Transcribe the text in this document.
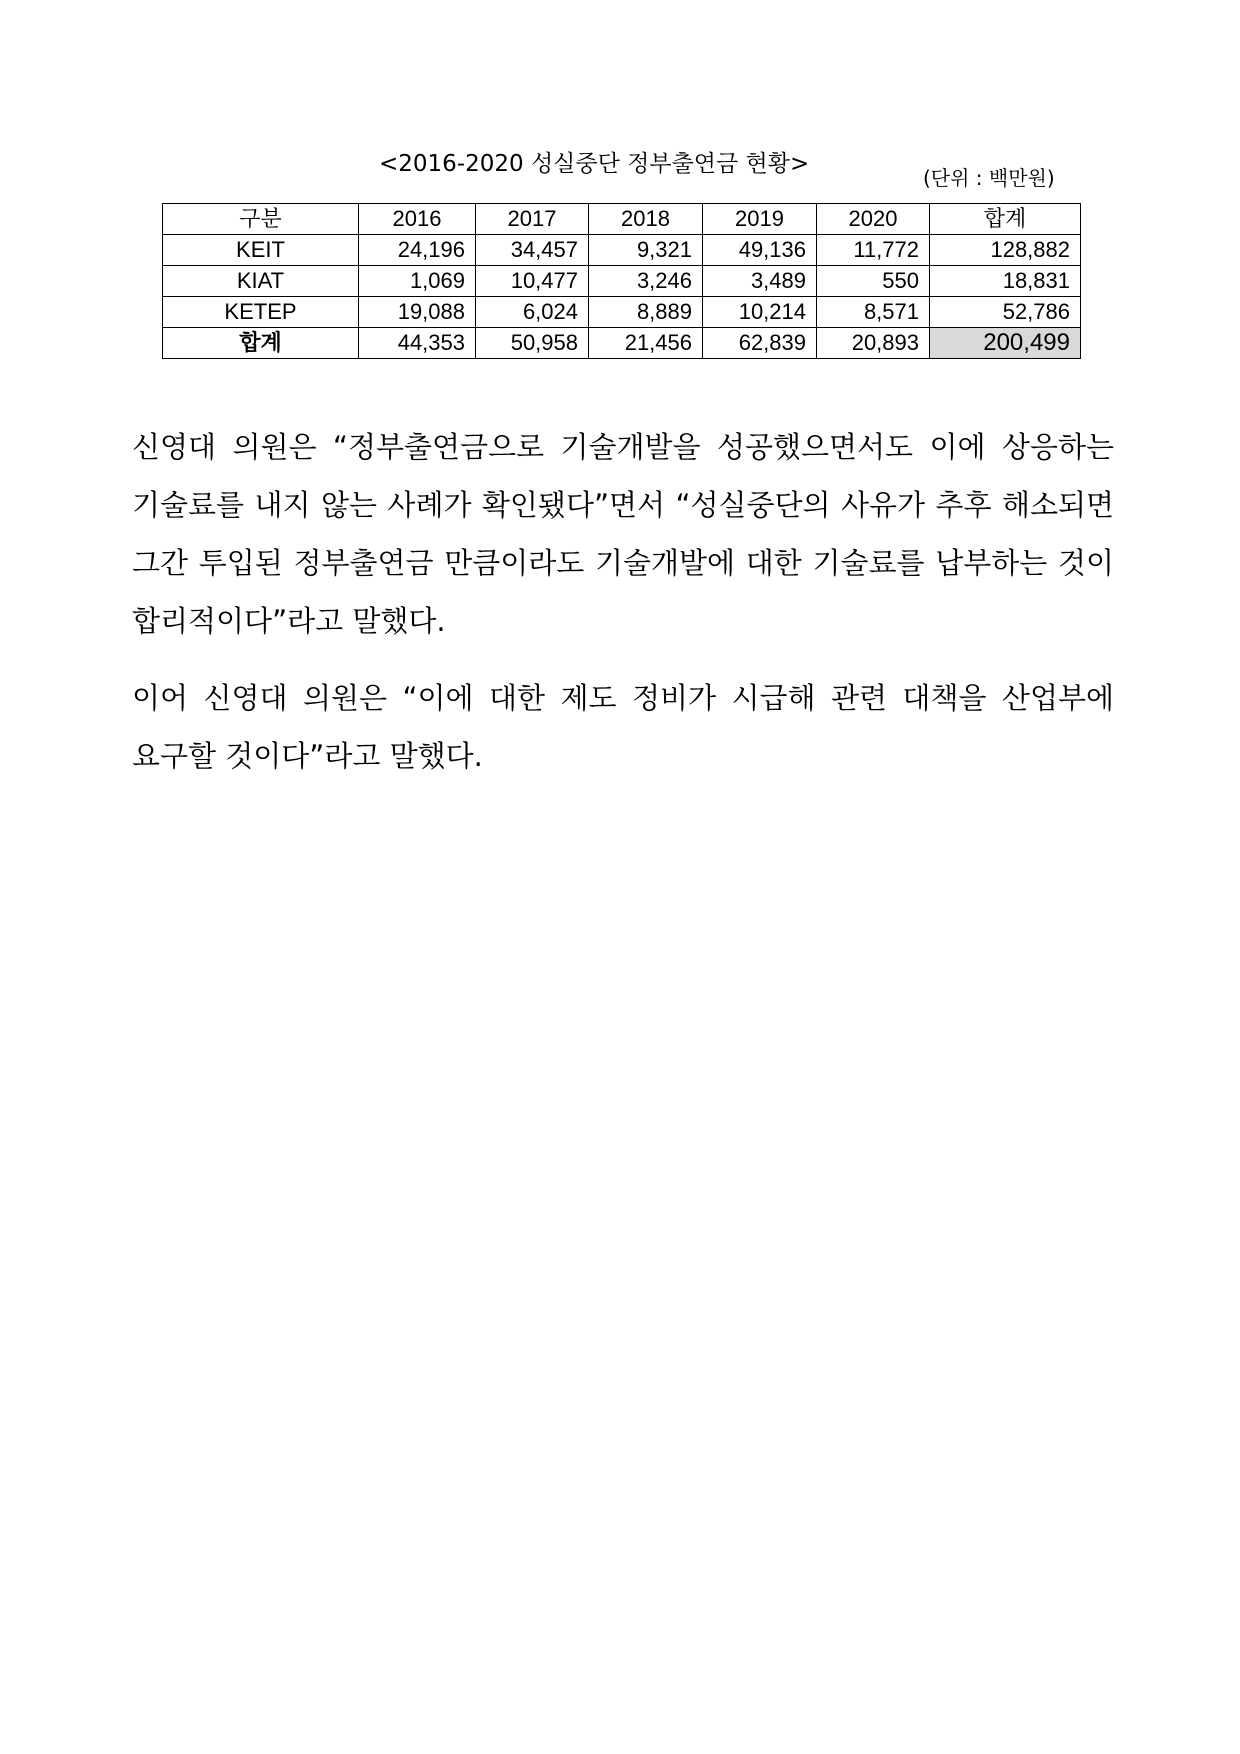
<2016-2020 성실중단 정부출연금 현황>
(단위 : 백만원)
구분	2016	2017	2018	2019	2020	합계
KEIT	24,196	34,457	9,321	49,136	11,772	128,882
KIAT	1,069	10,477	3,246	3,489	550	18,831
KETEP	19,088	6,024	8,889	10,214	8,571	52,786
합계	44,353	50,958	21,456	62,839	20,893	200,499

신영대 의원은 “정부출연금으로 기술개발을 성공했으면서도 이에 상응하는 기술료를 내지 않는 사례가 확인됐다”면서 “성실중단의 사유가 추후 해소되면 그간 투입된 정부출연금 만큼이라도 기술개발에 대한 기술료를 납부하는 것이 합리적이다”라고 말했다.

이어 신영대 의원은 “이에 대한 제도 정비가 시급해 관련 대책을 산업부에 요구할 것이다”라고 말했다.
